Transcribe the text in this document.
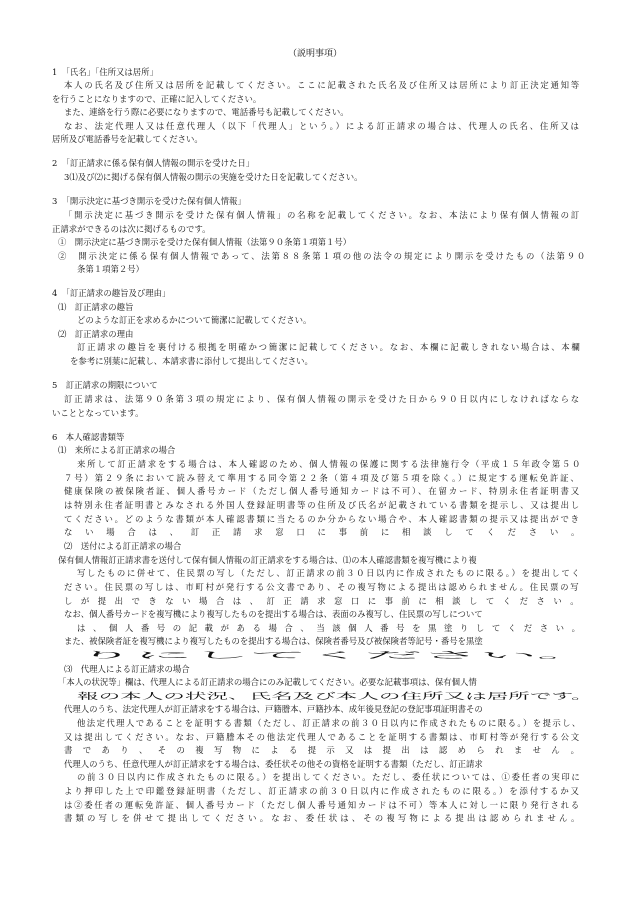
（説明事項）
1　「氏名」「住所又は居所」
本人の氏名及び住所又は居所を記載してください。ここに記載された氏名及び住所又は居所により訂正決定通知等
を行うことになりますので、正確に記入してください。
また、連絡を行う際に必要になりますので、電話番号も記載してください。
なお、法定代理人又は任意代理人（以下「代理人」という。）による訂正請求の場合は、代理人の氏名、住所又は
居所及び電話番号を記載してください。
2　「訂正請求に係る保有個人情報の開示を受けた日」
3⑴及び⑵に掲げる保有個人情報の開示の実施を受けた日を記載してください。
3　「開示決定に基づき開示を受けた保有個人情報」
「開示決定に基づき開示を受けた保有個人情報」の名称を記載してください。なお、本法により保有個人情報の訂
正請求ができるのは次に掲げるものです。
①　開示決定に基づき開示を受けた保有個人情報（法第９０条第１項第１号）
②　開示決定に係る保有個人情報であって、法第８８条第１項の他の法令の規定により開示を受けたもの（法第９０
条第１項第２号）
4　「訂正請求の趣旨及び理由」
⑴　訂正請求の趣旨
どのような訂正を求めるかについて簡潔に記載してください。
⑵　訂正請求の理由
訂正請求の趣旨を裏付ける根拠を明確かつ簡潔に記載してください。なお、本欄に記載しきれない場合は、本欄
を参考に別葉に記載し、本請求書に添付して提出してください。
5　訂正請求の期限について
訂正請求は、法第９０条第３項の規定により、保有個人情報の開示を受けた日から９０日以内にしなければならな
いこととなっています。
6　本人確認書類等
⑴　来所による訂正請求の場合
来所して訂正請求をする場合は、本人確認のため、個人情報の保護に関する法律施行令（平成１５年政令第５０
７号）第２９条において読み替えて準用する同令第２２条（第４項及び第５項を除く。）に規定する運転免許証、
健康保険の被保険者証、個人番号カード（ただし個人番号通知カードは不可）、在留カード、特別永住者証明書又
は特別永住者証明書とみなされる外国人登録証明書等の住所及び氏名が記載されている書類を提示し、又は提出し
てください。どのような書類が本人確認書類に当たるのか分からない場合や、本人確認書類の提示又は提出ができ
ない場合は、訂正請求窓口に事前に相談してください。
⑵　送付による訂正請求の場合
保有個人情報訂正請求書を送付して保有個人情報の訂正請求をする場合は、⑴の本人確認書類を複写機により複
写したものに併せて、住民票の写し（ただし、訂正請求の前３０日以内に作成されたものに限る。）を提出してく
ださい。住民票の写しは、市町村が発行する公文書であり、その複写物による提出は認められません。住民票の写
しが提出できない場合は、訂正請求窓口に事前に相談してください。
なお、個人番号カードを複写機により複写したものを提出する場合は、表面のみ複写し、住民票の写しについて
は、個人番号の記載がある場合、当該個人番号を黒塗りしてください。
また、被保険者証を複写機により複写したものを提出する場合は、保険者番号及び被保険者等記号・番号を黒塗
りにしてください。
⑶　代理人による訂正請求の場合
「本人の状況等」欄は、代理人による訂正請求の場合にのみ記載してください。必要な記載事項は、保有個人情
報の本人の状況、氏名及び本人の住所又は居所です。
代理人のうち、法定代理人が訂正請求をする場合は、戸籍謄本、戸籍抄本、成年後見登記の登記事項証明書その
他法定代理人であることを証明する書類（ただし、訂正請求の前３０日以内に作成されたものに限る。）を提示し、
又は提出してください。なお、戸籍謄本その他法定代理人であることを証明する書類は、市町村等が発行する公文
書であり、その複写物による提示又は提出は認められません。
代理人のうち、任意代理人が訂正請求をする場合は、委任状その他その資格を証明する書類（ただし、訂正請求
の前３０日以内に作成されたものに限る。）を提出してください。ただし、委任状については、①委任者の実印に
より押印した上で印鑑登録証明書（ただし、訂正請求の前３０日以内に作成されたものに限る。）を添付するか又
は②委任者の運転免許証、個人番号カード（ただし個人番号通知カードは不可）等本人に対し一に限り発行される
書類の写しを併せて提出してください。なお、委任状は、その複写物による提出は認められません。
